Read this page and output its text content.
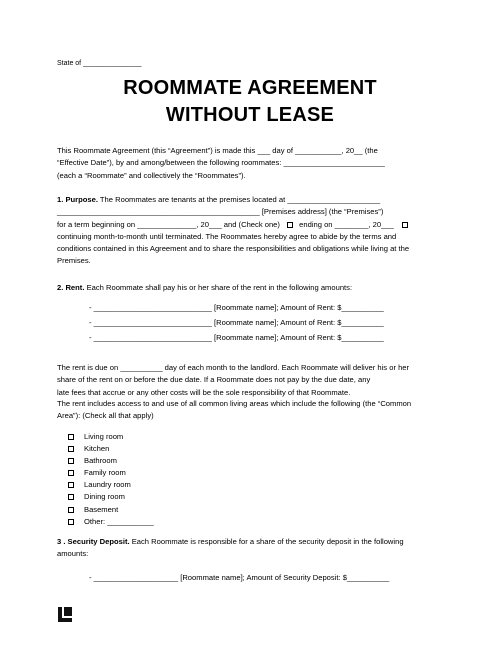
State of _______________
ROOMMATE AGREEMENT
WITHOUT LEASE

This Roommate Agreement (this “Agreement”) is made this ___ day of ___________, 20__ (the

“Effective Date”), by and among/between the following roommates: ________________________

(each a “Roommate” and collectively the “Roommates”).

1. Purpose. The Roommates are tenants at the premises located at ______________________

________________________________________________ [Premises address] (the “Premises”)

for a term beginning on ______________, 20___ and (Check one)	ending on ________, 20___

continuing month-to-month until terminated. The Roommates hereby agree to abide by the terms and

conditions contained in this Agreement and to share the responsibilities and obligations while living at the

Premises.

2. Rent. Each Roommate shall pay his or her share of the rent in the following amounts:

- ____________________________ [Roommate name]; Amount of Rent: $__________
- ____________________________ [Roommate name]; Amount of Rent: $__________
- ____________________________ [Roommate name]; Amount of Rent: $__________

The rent is due on __________ day of each month to the landlord. Each Roommate will deliver his or her

share of the rent on or before the due date. If a Roommate does not pay by the due date, any

late fees that accrue or any other costs will be the sole responsibility of that Roommate.

The rent includes access to and use of all common living areas which include the following (the “Common

Area”): (Check all that apply)

Living room
Kitchen
Bathroom
Family room
Laundry room
Dining room
Basement
Other: ___________

3 . Security Deposit. Each Roommate is responsible for a share of the security deposit in the following

amounts:

- ____________________ [Roommate name]; Amount of Security Deposit: $__________
